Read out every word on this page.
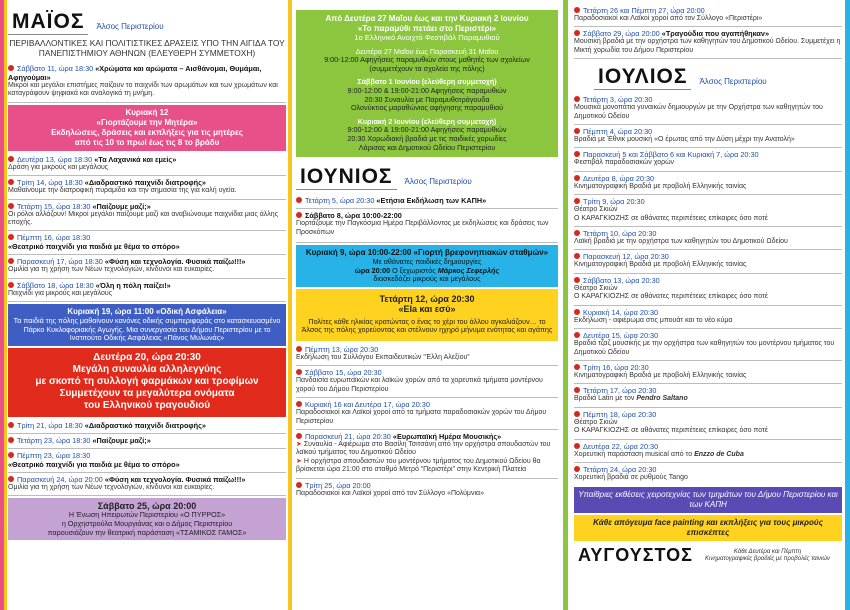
ΜΑΪΟΣ	Άλσος Περιστερίου
ΠΕΡΙΒΑΛΛΟΝΤΙΚΕΣ ΚΑΙ ΠΟΛΙΤΙΣΤΙΚΕΣ ΔΡΑΣΕΙΣ ΥΠΟ ΤΗΝ ΑΙΓΙΔΑ ΤΟΥ ΠΑΝΕΠΙΣΤΗΜΙΟΥ ΑΘΗΝΩΝ (ΕΛΕΥΘΕΡΗ ΣΥΜΜΕΤΟΧΗ)
Σάββατο 11, ώρα 18:30 «Χρώματα και αρώματα – Αισθάνομαι, Θυμάμαι, Αφηγούμαι»
Μικροί και μεγάλοι επιστήμες παίζουν το παιχνίδι των αρωμάτων και των χρωμάτων και καταγράφουν ψηφιακά και αναλογικά τη μνήμη.
Κυριακή 12
«Γιορτάζουμε την Μητέρα»
Εκδηλώσεις, δράσεις και εκπλήξεις για τις μητέρες
από τις 10 το πρωί έως τις 8 το βράδυ
Δευτέρα 13, ώρα 18:30 «Τα Λαχανικά και εμείς»
Δράση για μικρούς και μεγάλους
Τρίτη 14, ώρα 18:30 «Διαδραστικό παιχνίδι διατροφής»
Μαθαίνουμε την διατροφική πυραμίδα και την σημασία της για καλή υγεία.
Τετάρτη 15, ώρα 18:30 «Παίζουμε μαζί;»
Οι ρόλοι αλλάζουν! Μικροί μεγάλοι παίζουμε μαζί και αναβιώνουμε παιχνίδια μιας άλλης εποχής.
Πέμπτη 16, ώρα 18:30
«Θεατρικό παιχνίδι για παιδιά με θέμα το σπόρο»
Παρασκευή 17, ώρα 18:30 «Φύση και τεχνολογία. Φυσικά παίζω!!!»
Ομιλία για τη χρήση των Νέων τεχνολογιών, κίνδυνοι και ευκαιρίες.
Σάββατο 18, ώρα 18:30 «Όλη η πόλη παίζει!»
Παιχνίδι για μικρούς και μεγάλους
Κυριακή 19, ώρα 11:00 «Οδική Ασφάλεια»
Τα παιδιά της πόλης μαθαίνουν κανόνες οδικής συμπεριφοράς στο κατασκευασμένο Πάρκο Κυκλοφοριακής Αγωγής. Μια συνεργασία του Δήμου Περιστερίου με το Ινστιτούτο Οδικής Ασφάλειας «Πάνος Μυλωνάς»
Δευτέρα 20, ώρα 20:30
Μεγάλη συναυλία αλληλεγγύης
με σκοπό τη συλλογή φαρμάκων και τροφίμων
Συμμετέχουν τα μεγαλύτερα ονόματα
του Ελληνικού τραγουδιού
Τρίτη 21, ώρα 18:30 «Διαδραστικό παιχνίδι διατροφής»
Τετάρτη 23, ώρα 18:30 «Παίζουμε μαζί;»
Πέμπτη 23, ώρα 18:30
«Θεατρικό παιχνίδι για παιδιά με θέμα το σπόρο»
Παρασκευή 24, ώρα 20:00 «Φύση και τεχνολογία. Φυσικά παίζω!!!»
Ομιλία για τη χρήση των Νέων τεχνολογιών, κίνδυνοι και ευκαιρίες.
Σάββατο 25, ώρα 20:00
Η Ένωση Ηπειρωτών Περιστερίου «Ο ΠΥΡΡΟΣ»
η Ορχηστρούλα Μουργιάνας και ο Δήμος Περιστερίου
παρουσιάζουν την θεατρική παράσταση «ΤΣΑΜΙΚΟΣ ΓΑΜΟΣ»
Από Δευτέρα 27 Μαΐου έως και την Κυριακή 2 Ιουνίου
«Το παραμύθι πετάει στο Περιστέρι»
1ο Ελληνικό Ανοιχτό Φεστιβάλ Παραμυθιού
Δευτέρα 27 Μαΐου έως Παρασκευή 31 Μαΐου
9:00-12:00 Αφηγήσεις παραμυθιών στους μαθητές των σχολείων
(συμμετέχουν τα σχολεία της πόλης)
Σάββατο 1 Ιουνίου (ελεύθερη συμμετοχή)
9:00-12:00 & 19:00-21:00 Αφηγήσεις παραμυθιών
20:30 Συναυλία με Παραμυθοτράγουδα
Ολονύκτιος μαραθώνιος αφήγησης παραμυθιού
Κυριακή 2 Ιουνίου (ελεύθερη συμμετοχή)
9:00-12:00 & 19:00-21:00 Αφηγήσεις παραμυθιών
20:30 Χορωδιακή βραδιά με τις παιδικές χορωδίες
Λάρισας και Δημοτικού Ωδείου Περιστερίου
ΙΟΥΝΙΟΣ	Άλσος Περιστερίου
Τετάρτη 5, ώρα 20:30 «Ετήσια Εκδήλωση των ΚΑΠΗ»
Σάββατο 8, ώρα 10:00-22:00
Γιορτάζουμε την Παγκόσμια Ημέρα Περιβάλλοντος με εκδηλώσεις και δράσεις των Προσκόπων
Κυριακή 9, ώρα 10:00-22:00 «Γιορτή βρεφονηπιακών σταθμών»
Με αθάνατες παιδικές δημιουργίες
ώρα 20:00 Ο ξεχωριστός Μάρκος Σεφερλής
διασκεδάζει μικρούς και μεγάλους
Τετάρτη 12, ώρα 20:30
«Ela και εσύ»
Πολίτες κάθε ηλικίας κρατώντας ο ένας το χέρι του άλλου αγκαλιάζουν… το Άλσος της πόλης χορεύοντας και στέλνουν ηχηρό μήνυμα ενότητας και αγάπης
Πέμπτη 13, ώρα 20:30
Εκδήλωση του Συλλόγου Εκπαιδευτικών “Έλλη Αλεξίου”
Σάββατο 15, ώρα 20:30
Πανδαισία ευρωπαϊκών και λαϊκών χορών από τα χορευτικά τμήματα μοντέρνου χορού του Δήμου Περιστερίου
Κυριακή 16 και Δευτέρα 17, ώρα 20:30
Παραδοσιακοί και Λαϊκοί χοροί από τα τμήματα παραδοσιακών χορών του Δήμου Περιστερίου
Παρασκευή 21, ώρα 20:30 «Ευρωπαϊκή Ημέρα Μουσικής»
➤ Συναυλία - Αφιέρωμα στο Βασίλη Τσιτσάνη από την ορχήστρα σπουδαστών του λαϊκού τμήματος του Δημοτικού Ωδείου
➤ Η ορχήστρα σπουδαστών του μοντέρνου τμήματος του Δημοτικού Ωδείου θα βρίσκεται ώρα 21:00 στο σταθμό Μετρό “Περιστέρι” στην Κεντρική Πλατεία
Τρίτη 25, ώρα 20:00
Παραδοσιακοί και Λαϊκοί χοροί από τον Σύλλογο «Πολύμνια»
Τετάρτη 26 και Πέμπτη 27, ώρα 20:00
Παραδοσιακοί και Λαϊκοί χοροί από τον Σύλλογο «Περιστέρι»
Σάββατο 29, ώρα 20:00 «Τραγούδια που αγαπήθηκαν»
Μουσική βραδιά με την ορχήστρα των καθηγητών του Δημοτικού Ωδείου. Συμμετέχει η Μικτή χορωδία του Δήμου Περιστερίου
ΙΟΥΛΙΟΣ	Άλσος Περιστερίου
Τετάρτη 3, ώρα 20:30
Μουσικά μονοπάτια γυναικών δημιουργών με την Ορχήστρα των καθηγητών του Δημοτικού Ωδείου
Πέμπτη 4, ώρα 20:30
Βραδιά με Έθνικ μουσική «Ο έρωτας από την Δύση μέχρι την Ανατολή»
Παρασκευή 5 και Σάββατο 6 και Κυριακή 7, ώρα 20:30
Φεστιβάλ παραδοσιακών χορών
Δευτέρα 8, ώρα 20:30
Κινηματογραφική Βραδιά με προβολή Ελληνικής ταινίας
Τρίτη 9, ώρα 20:30
Θέατρο Σκιών
Ο ΚΑΡΑΓΚΙΟΖΗΣ σε αθάνατες περιπέτειες επίκαιρες όσο ποτέ
Τετάρτη 10, ώρα 20:30
Λαϊκή βραδιά με την ορχήστρα των καθηγητών του Δημοτικού Ωδείου
Παρασκευή 12, ώρα 20:30
Κινηματογραφική Βραδιά με προβολή Ελληνικής ταινίας
Σάββατο 13, ώρα 20:30
Θέατρο Σκιών
Ο ΚΑΡΑΓΚΙΟΖΗΣ σε αθάνατες περιπέτειες επίκαιρες όσο ποτέ
Κυριακή 14, ώρα 20:30
Εκδήλωση - αφιέρωμα στις μπουάτ και το νέο κύμα
Δευτέρα 15, ώρα 20:30
Βραδιά τζαζ μουσικής με την ορχήστρα των καθηγητών του μοντέρνου τμήματος του Δημοτικού Ωδείου
Τρίτη 16, ώρα 20:30
Κινηματογραφική Βραδιά με προβολή Ελληνικής ταινίας
Τετάρτη 17, ώρα 20:30
Βραδιά Latin με τον Pendro Saltano
Πέμπτη 18, ώρα 20:30
Θέατρο Σκιών
Ο ΚΑΡΑΓΚΙΟΖΗΣ σε αθάνατες περιπέτειες επίκαιρες όσο ποτέ
Δευτέρα 22, ώρα 20:30
Χορευτική παράσταση musical από το Enzzo de Cuba
Τετάρτη 24, ώρα 20:30
Χορευτική βραδιά σε ρυθμούς Tango
Υπαίθριες εκθέσεις χειροτεχνίας των τμημάτων του Δήμου Περιστερίου και των ΚΑΠΗ
Κάθε απόγευμα face painting και εκπλήξεις για τους μικρούς επισκέπτες
ΑΥΓΟΥΣΤΟΣ	Κάθε Δευτέρα και Πέμπτη
Κινηματογραφικές βραδιές με προβολές ταινιών
